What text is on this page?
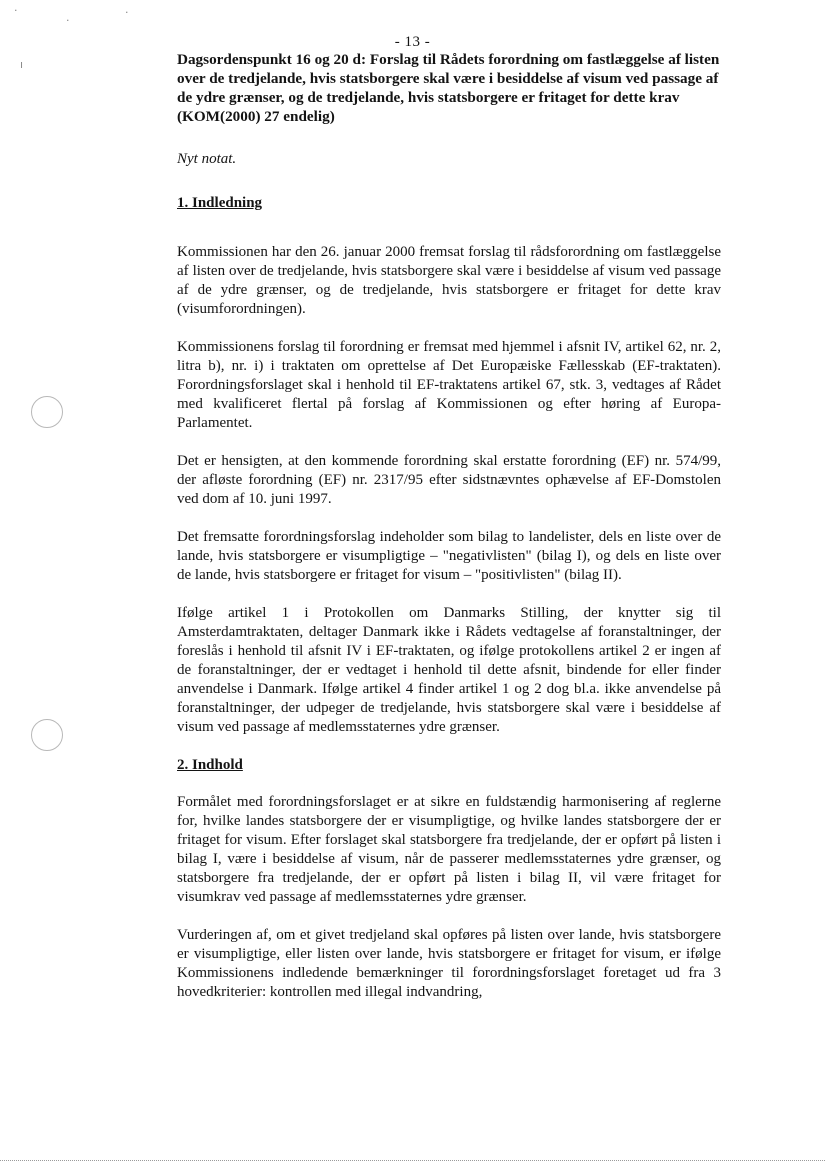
·
·
·
ı
- 13 -

Dagsordenspunkt 16 og 20 d: Forslag til Rådets forordning om fastlæggelse af listen over de tredjelande, hvis statsborgere skal være i besiddelse af visum ved passage af de ydre grænser, og de tredjelande, hvis statsborgere er fritaget for dette krav (KOM(2000) 27 endelig)

Nyt notat.

1. Indledning

Kommissionen har den 26. januar 2000 fremsat forslag til rådsforordning om fastlæggelse af listen over de tredjelande, hvis statsborgere skal være i besiddelse af visum ved passage af de ydre grænser, og de tredjelande, hvis statsborgere er fritaget for dette krav (visumforordningen).

Kommissionens forslag til forordning er fremsat med hjemmel i afsnit IV, artikel 62, nr. 2, litra b), nr. i) i traktaten om oprettelse af Det Europæiske Fællesskab (EF-traktaten). Forordningsforslaget skal i henhold til EF-traktatens artikel 67, stk. 3, vedtages af Rådet med kvalificeret flertal på forslag af Kommissionen og efter høring af Europa-Parlamentet.

Det er hensigten, at den kommende forordning skal erstatte forordning (EF) nr. 574/99, der afløste forordning (EF) nr. 2317/95 efter sidstnævntes ophævelse af EF-Domstolen ved dom af 10. juni 1997.

Det fremsatte forordningsforslag indeholder som bilag to landelister, dels en liste over de lande, hvis statsborgere er visumpligtige – "negativlisten" (bilag I), og dels en liste over de lande, hvis statsborgere er fritaget for visum – "positivlisten" (bilag II).

Ifølge artikel 1 i Protokollen om Danmarks Stilling, der knytter sig til Amsterdamtraktaten, deltager Danmark ikke i Rådets vedtagelse af foranstaltninger, der foreslås i henhold til afsnit IV i EF-traktaten, og ifølge protokollens artikel 2 er ingen af de foranstaltninger, der er vedtaget i henhold til dette afsnit, bindende for eller finder anvendelse i Danmark. Ifølge artikel 4 finder artikel 1 og 2 dog bl.a. ikke anvendelse på foranstaltninger, der udpeger de tredjelande, hvis statsborgere skal være i besiddelse af visum ved passage af medlemsstaternes ydre grænser.

2. Indhold

Formålet med forordningsforslaget er at sikre en fuldstændig harmonisering af reglerne for, hvilke landes statsborgere der er visumpligtige, og hvilke landes statsborgere der er fritaget for visum. Efter forslaget skal statsborgere fra tredjelande, der er opført på listen i bilag I, være i besiddelse af visum, når de passerer medlemsstaternes ydre grænser, og statsborgere fra tredjelande, der er opført på listen i bilag II, vil være fritaget for visumkrav ved passage af medlemsstaternes ydre grænser.

Vurderingen af, om et givet tredjeland skal opføres på listen over lande, hvis statsborgere er visumpligtige, eller listen over lande, hvis statsborgere er fritaget for visum, er ifølge Kommissionens indledende bemærkninger til forordningsforslaget foretaget ud fra 3 hovedkriterier: kontrollen med illegal indvandring,
